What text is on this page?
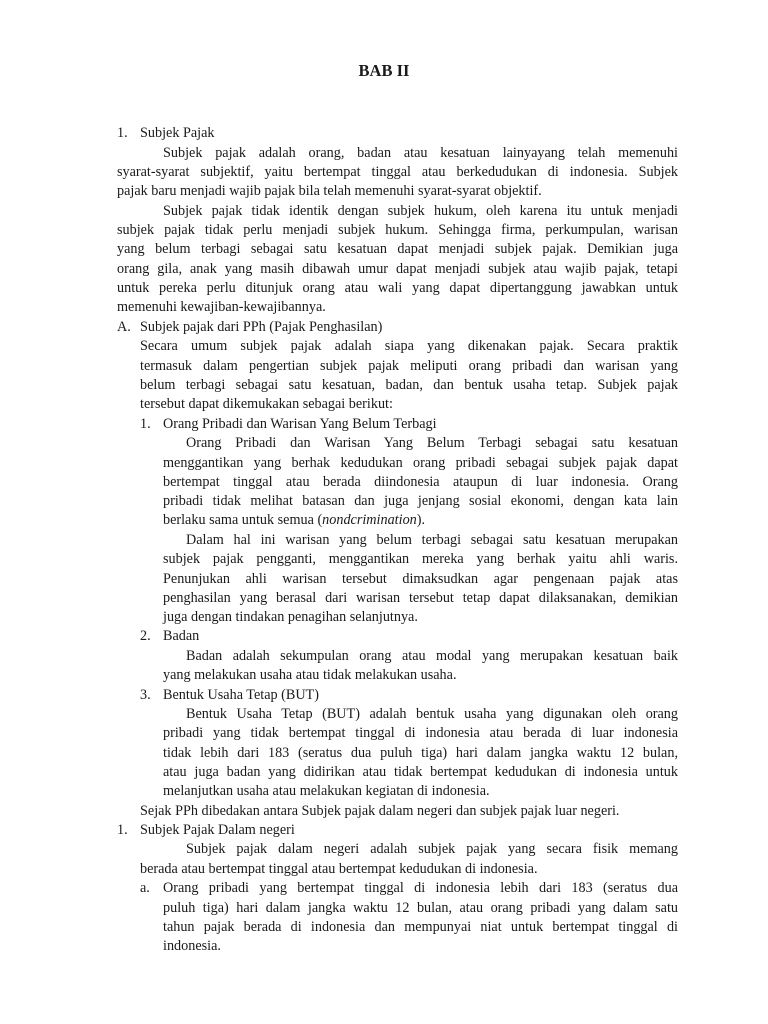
BAB II
1. Subjek Pajak
Subjek pajak adalah orang, badan atau kesatuan lainyayang telah memenuhi
syarat-syarat subjektif, yaitu bertempat tinggal atau berkedudukan di indonesia. Subjek
pajak baru menjadi wajib pajak bila telah memenuhi syarat-syarat objektif.
Subjek pajak tidak identik dengan subjek hukum, oleh karena itu untuk menjadi
subjek pajak tidak perlu menjadi subjek hukum. Sehingga firma, perkumpulan, warisan
yang belum terbagi sebagai satu kesatuan dapat menjadi subjek pajak. Demikian juga
orang gila, anak yang masih dibawah umur dapat menjadi subjek atau wajib pajak, tetapi
untuk pereka perlu ditunjuk orang atau wali yang dapat dipertanggung jawabkan untuk
memenuhi kewajiban-kewajibannya.
A. Subjek pajak dari PPh (Pajak Penghasilan)
Secara umum subjek pajak adalah siapa yang dikenakan pajak. Secara praktik
termasuk dalam pengertian subjek pajak meliputi orang pribadi dan warisan yang
belum terbagi sebagai satu kesatuan, badan, dan bentuk usaha tetap. Subjek pajak
tersebut dapat dikemukakan sebagai berikut:
1. Orang Pribadi dan Warisan Yang Belum Terbagi
Orang Pribadi dan Warisan Yang Belum Terbagi sebagai satu kesatuan
menggantikan yang berhak kedudukan orang pribadi sebagai subjek pajak dapat
bertempat tinggal atau berada diindonesia ataupun di luar indonesia. Orang
pribadi tidak melihat batasan dan juga jenjang sosial ekonomi, dengan kata lain
berlaku sama untuk semua (nondcrimination).
Dalam hal ini warisan yang belum terbagi sebagai satu kesatuan merupakan
subjek pajak pengganti, menggantikan mereka yang berhak yaitu ahli waris.
Penunjukan ahli warisan tersebut dimaksudkan agar pengenaan pajak atas
penghasilan yang berasal dari warisan tersebut tetap dapat dilaksanakan, demikian
juga dengan tindakan penagihan selanjutnya.
2. Badan
Badan adalah sekumpulan orang atau modal yang merupakan kesatuan baik
yang melakukan usaha atau tidak melakukan usaha.
3. Bentuk Usaha Tetap (BUT)
Bentuk Usaha Tetap (BUT) adalah bentuk usaha yang digunakan oleh orang
pribadi yang tidak bertempat tinggal di indonesia atau berada di luar indonesia
tidak lebih dari 183 (seratus dua puluh tiga) hari dalam jangka waktu 12 bulan,
atau juga badan yang didirikan atau tidak bertempat kedudukan di indonesia untuk
melanjutkan usaha atau melakukan kegiatan di indonesia.
Sejak PPh dibedakan antara Subjek pajak dalam negeri dan subjek pajak luar negeri.
1. Subjek Pajak Dalam negeri
Subjek pajak dalam negeri adalah subjek pajak yang secara fisik memang
berada atau bertempat tinggal atau bertempat kedudukan di indonesia.
a. Orang pribadi yang bertempat tinggal di indonesia lebih dari 183 (seratus dua
puluh tiga) hari dalam jangka waktu 12 bulan, atau orang pribadi yang dalam satu
tahun pajak berada di indonesia dan mempunyai niat untuk bertempat tinggal di
indonesia.
